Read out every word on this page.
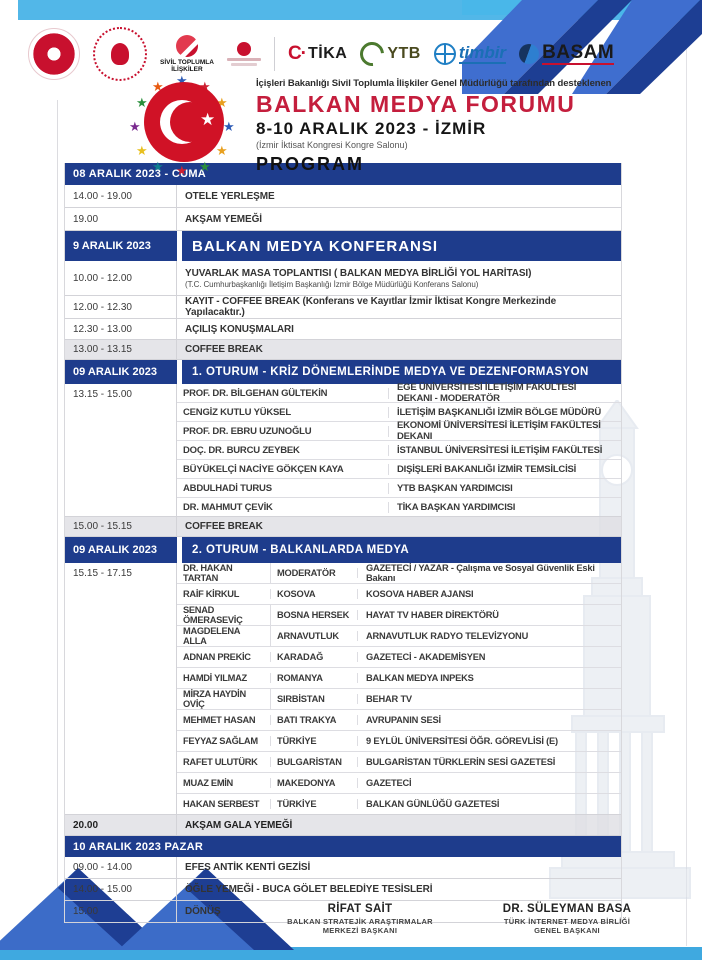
SİVİL TOPLUMLA
İLİŞKİLER
C· TİKA	YTB timbir BASAM
★
★
★
★
★
★
★
★
★
★
★
★
★
İçişleri Bakanlığı Sivil Toplumla İlişkiler Genel Müdürlüğü tarafından desteklenen
BALKAN MEDYA FORUMU
8-10 ARALIK 2023 - İZMİR
(İzmir İktisat Kongresi Kongre Salonu)
PROGRAM
08 ARALIK 2023 - CUMA
14.00 - 19.00	OTELE YERLEŞME
19.00	AKŞAM YEMEĞİ
9 ARALIK 2023	BALKAN MEDYA KONFERANSI
10.00 - 12.00	YUVARLAK MASA TOPLANTISI ( BALKAN MEDYA BİRLİĞİ YOL HARİTASI)
(T.C. Cumhurbaşkanlığı İletişim Başkanlığı İzmir Bölge Müdürlüğü Konferans Salonu)
12.00 - 12.30	KAYIT - COFFEE BREAK (Konferans ve Kayıtlar İzmir İktisat Kongre Merkezinde Yapılacaktır.)
12.30 - 13.00	AÇILIŞ KONUŞMALARI
13.00 - 13.15	COFFEE BREAK
09 ARALIK 2023	1. OTURUM - KRİZ DÖNEMLERİNDE MEDYA VE DEZENFORMASYON
13.15 - 15.00	PROF. DR. BİLGEHAN GÜLTEKİN	EGE ÜNİVERSİTESİ İLETİŞİM FAKÜLTESİ DEKANI - MODERATÖR
CENGİZ KUTLU YÜKSEL	İLETİŞİM BAŞKANLIĞI İZMİR BÖLGE MÜDÜRÜ
PROF. DR. EBRU UZUNOĞLU	EKONOMİ ÜNİVERSİTESİ İLETİŞİM FAKÜLTESİ DEKANI
DOÇ. DR. BURCU ZEYBEK	İSTANBUL ÜNİVERSİTESİ İLETİŞİM FAKÜLTESİ
BÜYÜKELÇİ NACİYE GÖKÇEN KAYA	DIŞİŞLERİ BAKANLIĞI İZMİR TEMSİLCİSİ
ABDULHADİ TURUS	YTB BAŞKAN YARDIMCISI
DR. MAHMUT ÇEVİK	TİKA BAŞKAN YARDIMCISI
15.00 - 15.15	COFFEE BREAK
09 ARALIK 2023	2. OTURUM - BALKANLARDA MEDYA
15.15 - 17.15	DR. HAKAN TARTAN	MODERATÖR	GAZETECİ / YAZAR - Çalışma ve Sosyal Güvenlik Eski Bakanı
RAİF KİRKUL	KOSOVA	KOSOVA HABER AJANSI
SENAD ÖMERASEVİÇ	BOSNA HERSEK	HAYAT TV HABER DİREKTÖRÜ
MAGDELENA ALLA	ARNAVUTLUK	ARNAVUTLUK RADYO TELEVİZYONU
ADNAN PREKİC	KARADAĞ	GAZETECİ - AKADEMİSYEN
HAMDİ YILMAZ	ROMANYA	BALKAN MEDYA INPEKS
MİRZA HAYDİN OVİÇ	SIRBİSTAN	BEHAR TV
MEHMET HASAN	BATI TRAKYA	AVRUPANIN SESİ
FEYYAZ SAĞLAM	TÜRKİYE	9 EYLÜL ÜNİVERSİTESİ ÖĞR. GÖREVLİSİ (E)
RAFET ULUTÜRK	BULGARİSTAN	BULGARİSTAN TÜRKLERİN SESİ GAZETESİ
MUAZ EMİN	MAKEDONYA	GAZETECİ
HAKAN SERBEST	TÜRKİYE	BALKAN GÜNLÜĞÜ GAZETESİ
20.00	AKŞAM GALA YEMEĞİ
10 ARALIK 2023 PAZAR
09.00 - 14.00	EFES ANTİK KENTİ GEZİSİ
14.00 - 15.00	ÖĞLE YEMEĞİ - BUCA GÖLET BELEDİYE TESİSLERİ
15.00	DÖNÜŞ	RİFAT SAİT
BALKAN STRATEJİK ARAŞTIRMALAR
MERKEZİ BAŞKANI
DR. SÜLEYMAN BASA
TÜRK İNTERNET MEDYA BİRLİĞİ
GENEL BAŞKANI
